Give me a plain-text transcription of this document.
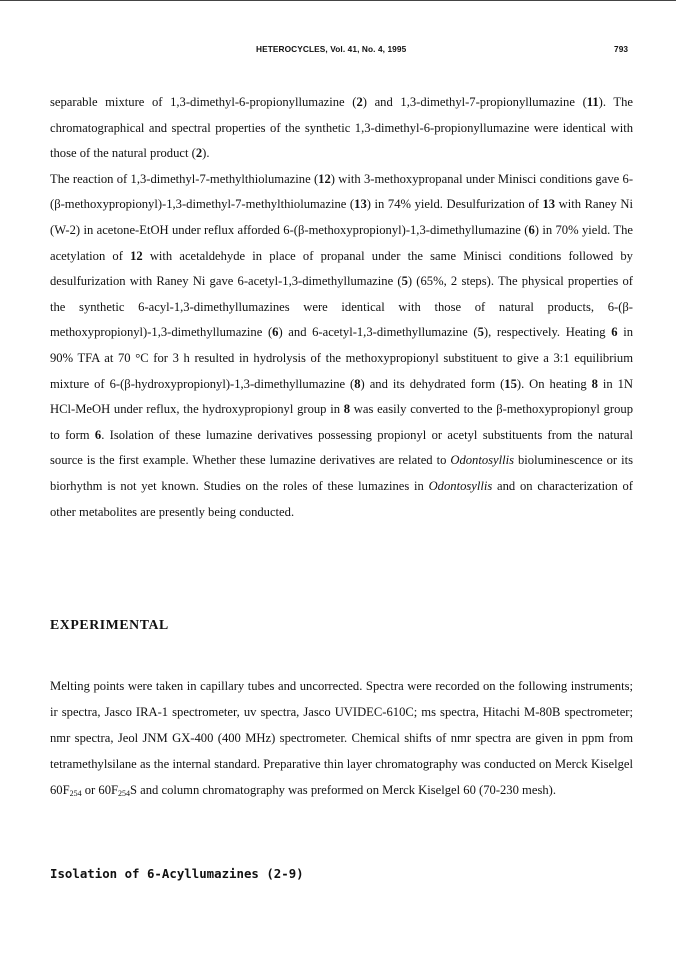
HETEROCYCLES, Vol. 41, No. 4, 1995	793

separable mixture of 1,3-dimethyl-6-propionyllumazine (2) and 1,3-dimethyl-7-propionyllumazine (11). The chromatographical and spectral properties of the synthetic 1,3-dimethyl-6-propionyllumazine were identical with those of the natural product (2).

The reaction of 1,3-dimethyl-7-methylthiolumazine (12) with 3-methoxypropanal under Minisci conditions gave 6-(β-methoxypropionyl)-1,3-dimethyl-7-methylthiolumazine (13) in 74% yield. Desulfurization of 13 with Raney Ni (W-2) in acetone-EtOH under reflux afforded 6-(β-methoxypropionyl)-1,3-dimethyllumazine (6) in 70% yield. The acetylation of 12 with acetaldehyde in place of propanal under the same Minisci conditions followed by desulfurization with Raney Ni gave 6-acetyl-1,3-dimethyllumazine (5) (65%, 2 steps). The physical properties of the synthetic 6-acyl-1,3-dimethyllumazines were identical with those of natural products, 6-(β-methoxypropionyl)-1,3-dimethyllumazine (6) and 6-acetyl-1,3-dimethyllumazine (5), respectively. Heating 6 in 90% TFA at 70 °C for 3 h resulted in hydrolysis of the methoxypropionyl substituent to give a 3:1 equilibrium mixture of 6-(β-hydroxypropionyl)-1,3-dimethyllumazine (8) and its dehydrated form (15). On heating 8 in 1N HCl-MeOH under reflux, the hydroxypropionyl group in 8 was easily converted to the β-methoxypropionyl group to form 6. Isolation of these lumazine derivatives possessing propionyl or acetyl substituents from the natural source is the first example. Whether these lumazine derivatives are related to Odontosyllis bioluminescence or its biorhythm is not yet known. Studies on the roles of these lumazines in Odontosyllis and on characterization of other metabolites are presently being conducted.

EXPERIMENTAL

Melting points were taken in capillary tubes and uncorrected. Spectra were recorded on the following instruments; ir spectra, Jasco IRA-1 spectrometer, uv spectra, Jasco UVIDEC-610C; ms spectra, Hitachi M-80B spectrometer; nmr spectra, Jeol JNM GX-400 (400 MHz) spectrometer. Chemical shifts of nmr spectra are given in ppm from tetramethylsilane as the internal standard. Preparative thin layer chromatography was conducted on Merck Kiselgel $60F_{254}$ or $60F_{254}S$ and column chromatography was preformed on Merck Kiselgel 60 (70-230 mesh).

Isolation of 6-Acyllumazines (2-9)
